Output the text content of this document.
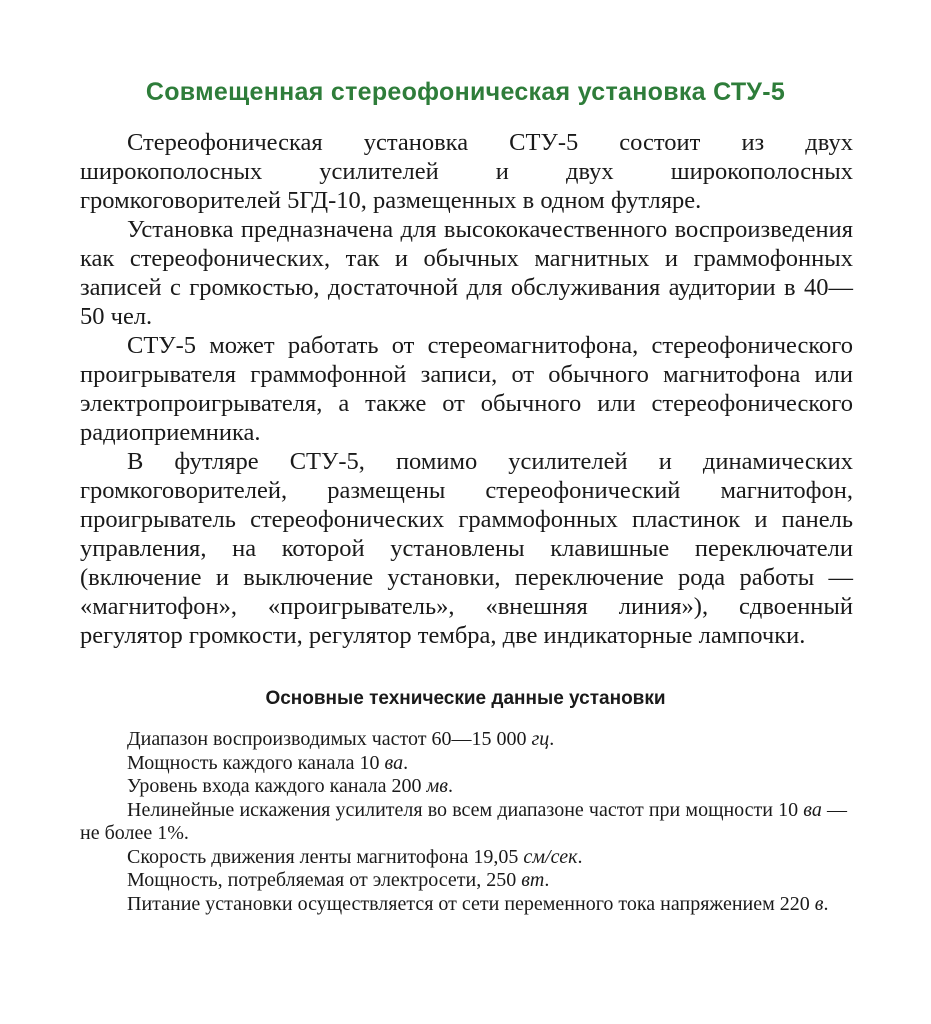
Совмещенная стереофоническая установка СТУ-5

Стереофоническая установка СТУ-5 состоит из двух широкополосных усилителей и двух широкополосных громкоговорителей 5ГД-10, размещенных в одном футляре.

Установка предназначена для высококачественного воспроизведения как стереофонических, так и обычных магнитных и граммофонных записей с громкостью, достаточной для обслуживания аудитории в 40—50 чел.

СТУ-5 может работать от стереомагнитофона, стереофонического проигрывателя граммофонной записи, от обычного магнитофона или электропроигрывателя, а также от обычного или стереофонического радиоприемника.

В футляре СТУ-5, помимо усилителей и динамических громкоговорителей, размещены стереофонический магнитофон, проигрыватель стереофонических граммофонных пластинок и панель управления, на которой установлены клавишные переключатели (включение и выключение установки, переключение рода работы — «магнитофон», «проигрыватель», «внешняя линия»), сдвоенный регулятор громкости, регулятор тембра, две индикаторные лампочки.

Основные технические данные установки

Диапазон воспроизводимых частот 60—15 000 гц.

Мощность каждого канала 10 ва.

Уровень входа каждого канала 200 мв.

Нелинейные искажения усилителя во всем диапазоне частот при мощности 10 ва — не более 1%.

Скорость движения ленты магнитофона 19,05 см/сек.

Мощность, потребляемая от электросети, 250 вт.

Питание установки осуществляется от сети переменного тока напряжением 220 в.
